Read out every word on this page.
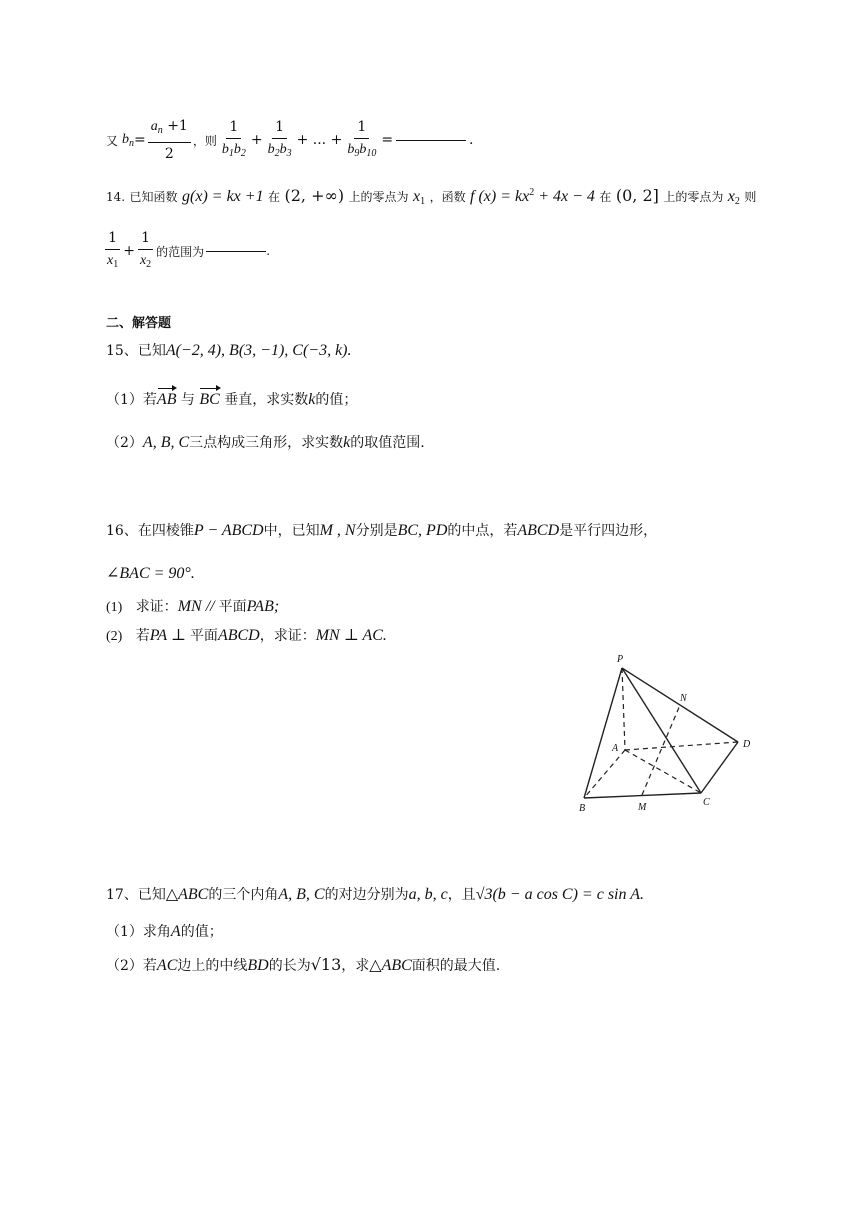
又 $b_n = \frac{a_n +1}{2}$ ，则 $\frac{1}{b_1b_2} + \frac{1}{b_2b_3}$ + ... + $\frac{1}{b_9b_{10}}$ =	.
14. 已知函数 g(x) = kx +1 在 (2, +∞) 上的零点为 $x_1$ ，函数 f $(x) = kx^2 + 4x - 4$ 在 (0, 2] 上的零点为 $x_2$ 则
$\frac{1}{x_1} + \frac{1}{x_2}$ 的范围为	.
二、解答题
15、已知A(−2, 4), B(3, −1), C(−3, k).
（1）若AB 与 BC 垂直，求实数k的值；
（2）A, B, C三点构成三角形，求实数k的取值范围.
16、在四棱锥P − ABCD中，已知M , N分别是BC, PD的中点，若ABCD是平行四边形，
∠BAC = 90°.
(1) 求证：MN // 平面PAB;
(2) 若PA ⊥ 平面ABCD，求证：MN ⊥ AC.
P
N
A	D
B	M	C
17、已知△ABC的三个内角A, B, C的对边分别为a, b, c，且√3(b − a cos C) = c sin A.
（1）求角A的值；
（2）若AC边上的中线BD的长为√13，求△ABC面积的最大值.
